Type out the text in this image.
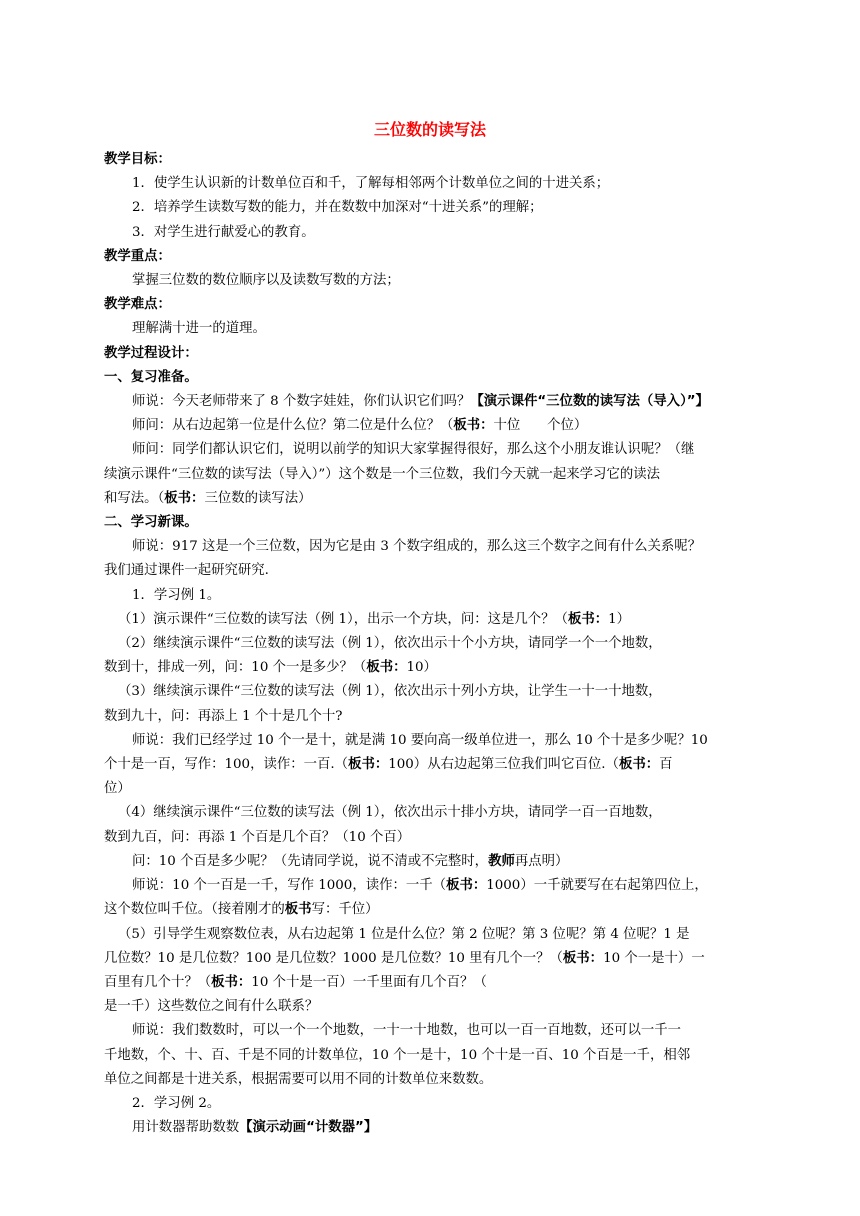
三位数的读写法
教学目标：
1．使学生认识新的计数单位百和千，了解每相邻两个计数单位之间的十进关系；
2．培养学生读数写数的能力，并在数数中加深对“十进关系”的理解；
3．对学生进行献爱心的教育。
教学重点：
掌握三位数的数位顺序以及读数写数的方法；
教学难点：
理解满十进一的道理。
教学过程设计：
一、复习准备。
师说：今天老师带来了 8 个数字娃娃，你们认识它们吗？【演示课件“三位数的读写法（导入）”】
师问：从右边起第一位是什么位？第二位是什么位？（板书：十位　　个位）
师问：同学们都认识它们，说明以前学的知识大家掌握得很好，那么这个小朋友谁认识呢？（继
续演示课件“三位数的读写法（导入）”）这个数是一个三位数，我们今天就一起来学习它的读法
和写法。（板书：三位数的读写法）
二、学习新课。
师说：917 这是一个三位数，因为它是由 3 个数字组成的，那么这三个数字之间有什么关系呢？
我们通过课件一起研究研究.
1．学习例 1。
（1）演示课件“三位数的读写法（例 1），出示一个方块，问：这是几个？（板书：1）
（2）继续演示课件“三位数的读写法（例 1），依次出示十个小方块，请同学一个一个地数，
数到十，排成一列，问：10 个一是多少？（板书：10）
（3）继续演示课件“三位数的读写法（例 1），依次出示十列小方块，让学生一十一十地数，
数到九十，问：再添上 1 个十是几个十?
师说：我们已经学过 10 个一是十，就是满 10 要向高一级单位进一，那么 10 个十是多少呢？10
个十是一百，写作：100，读作：一百.（板书：100）从右边起第三位我们叫它百位.（板书：百
位）
（4）继续演示课件“三位数的读写法（例 1），依次出示十排小方块，请同学一百一百地数，
数到九百，问：再添 1 个百是几个百？（10 个百）
问：10 个百是多少呢？（先请同学说，说不清或不完整时，教师再点明）
师说：10 个一百是一千，写作 1000，读作：一千（板书：1000）一千就要写在右起第四位上，
这个数位叫千位。（接着刚才的板书写：千位）
（5）引导学生观察数位表，从右边起第 1 位是什么位？第 2 位呢？第 3 位呢？第 4 位呢？1 是
几位数？10 是几位数？100 是几位数？1000 是几位数？10 里有几个一？（板书：10 个一是十）一
百里有几个十？（板书：10 个十是一百）一千里面有几个百？（
是一千）这些数位之间有什么联系？
师说：我们数数时，可以一个一个地数，一十一十地数，也可以一百一百地数，还可以一千一
千地数，个、十、百、千是不同的计数单位，10 个一是十，10 个十是一百、10 个百是一千，相邻
单位之间都是十进关系，根据需要可以用不同的计数单位来数数。
2．学习例 2。
用计数器帮助数数【演示动画“计数器”】
